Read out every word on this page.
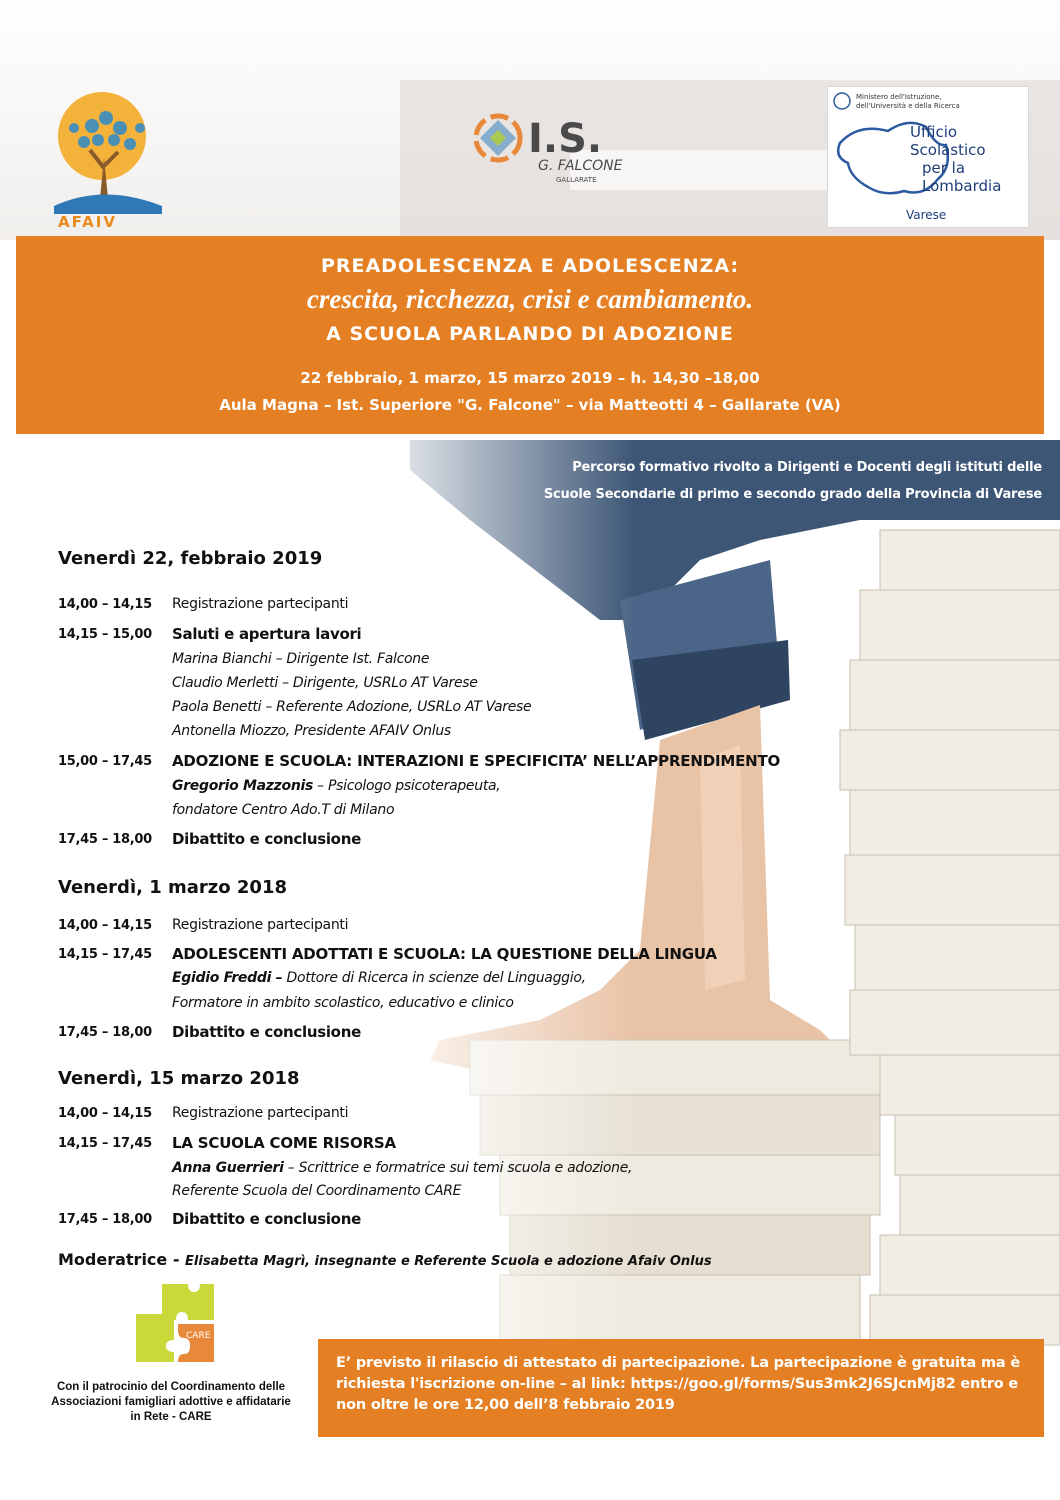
AFAIV
I.S.
G. FALCONE
GALLARATE
Ministero dell'Istruzione,
dell'Università e della Ricerca
Ufficio
Scolastico
per la
Lombardia
Varese
PREADOLESCENZA E ADOLESCENZA:
crescita, ricchezza, crisi e cambiamento.
A SCUOLA PARLANDO DI ADOZIONE
22 febbraio, 1 marzo, 15 marzo 2019 – h. 14,30 –18,00
Aula Magna – Ist. Superiore "G. Falcone" – via Matteotti 4 – Gallarate (VA)
Percorso formativo rivolto a Dirigenti e Docenti degli istituti delle
Scuole Secondarie di primo e secondo grado della Provincia di Varese
Venerdì 22, febbraio 2019
14,00 – 14,15 Registrazione partecipanti
14,15 – 15,00 Saluti e apertura lavori
Marina Bianchi – Dirigente Ist. Falcone
Claudio Merletti – Dirigente, USRLo AT Varese
Paola Benetti – Referente Adozione, USRLo AT Varese
Antonella Miozzo, Presidente AFAIV Onlus
15,00 – 17,45 ADOZIONE E SCUOLA: INTERAZIONI E SPECIFICITA’ NELL’APPRENDIMENTO
Gregorio Mazzonis – Psicologo psicoterapeuta,
fondatore Centro Ado.T di Milano
17,45 – 18,00 Dibattito e conclusione
Venerdì, 1 marzo 2018
14,00 – 14,15 Registrazione partecipanti
14,15 – 17,45 ADOLESCENTI ADOTTATI E SCUOLA: LA QUESTIONE DELLA LINGUA
Egidio Freddi – Dottore di Ricerca in scienze del Linguaggio,
Formatore in ambito scolastico, educativo e clinico
17,45 – 18,00 Dibattito e conclusione
Venerdì, 15 marzo 2018
14,00 – 14,15 Registrazione partecipanti
14,15 – 17,45 LA SCUOLA COME RISORSA
Anna Guerrieri – Scrittrice e formatrice sui temi scuola e adozione,
Referente Scuola del Coordinamento CARE
17,45 – 18,00 Dibattito e conclusione
Moderatrice - Elisabetta Magrì, insegnante e Referente Scuola e adozione Afaiv Onlus
CARE
Con il patrocinio del Coordinamento delle Associazioni famigliari adottive e affidatarie in Rete - CARE
E’ previsto il rilascio di attestato di partecipazione. La partecipazione è gratuita ma è richiesta l'iscrizione on-line – al link: https://goo.gl/forms/Sus3mk2J6SJcnMj82 entro e non oltre le ore 12,00 dell’8 febbraio 2019
